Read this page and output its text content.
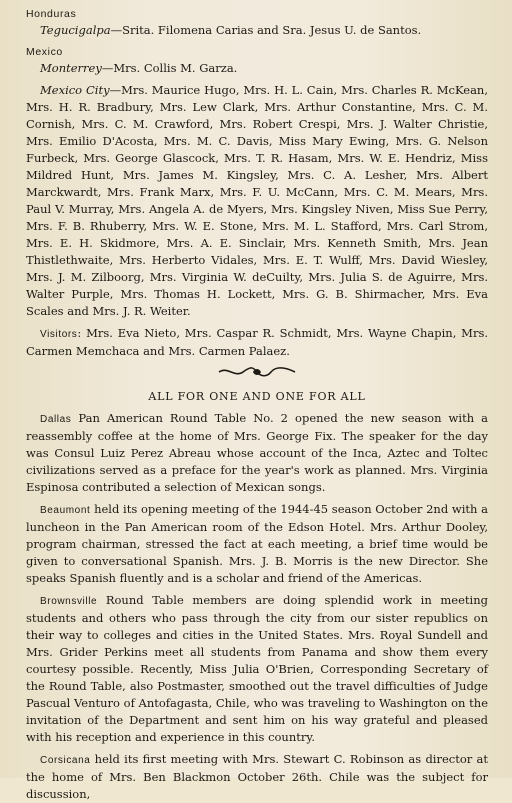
Honduras

Tegucigalpa—Srita. Filomena Carias and Sra. Jesus U. de Santos.

Mexico

Monterrey—Mrs. Collis M. Garza.

Mexico City—Mrs. Maurice Hugo, Mrs. H. L. Cain, Mrs. Charles R. McKean, Mrs. H. R. Bradbury, Mrs. Lew Clark, Mrs. Arthur Constantine, Mrs. C. M. Cornish, Mrs. C. M. Crawford, Mrs. Robert Crespi, Mrs. J. Walter Christie, Mrs. Emilio D'Acosta, Mrs. M. C. Davis, Miss Mary Ewing, Mrs. G. Nelson Furbeck, Mrs. George Glascock, Mrs. T. R. Hasam, Mrs. W. E. Hendriz, Miss Mildred Hunt, Mrs. James M. Kingsley, Mrs. C. A. Lesher, Mrs. Albert Marckwardt, Mrs. Frank Marx, Mrs. F. U. McCann, Mrs. C. M. Mears, Mrs. Paul V. Murray, Mrs. Angela A. de Myers, Mrs. Kingsley Niven, Miss Sue Perry, Mrs. F. B. Rhuberry, Mrs. W. E. Stone, Mrs. M. L. Stafford, Mrs. Carl Strom, Mrs. E. H. Skidmore, Mrs. A. E. Sinclair, Mrs. Kenneth Smith, Mrs. Jean Thistlethwaite, Mrs. Herberto Vidales, Mrs. E. T. Wulff, Mrs. David Wiesley, Mrs. J. M. Zilboorg, Mrs. Virginia W. deCuilty, Mrs. Julia S. de Aguirre, Mrs. Walter Purple, Mrs. Thomas H. Lockett, Mrs. G. B. Shirmacher, Mrs. Eva Scales and Mrs. J. R. Weiter.

Visitors: Mrs. Eva Nieto, Mrs. Caspar R. Schmidt, Mrs. Wayne Chapin, Mrs. Carmen Memchaca and Mrs. Carmen Palaez.

ALL FOR ONE AND ONE FOR ALL

Dallas Pan American Round Table No. 2 opened the new season with a reassembly coffee at the home of Mrs. George Fix. The speaker for the day was Consul Luiz Perez Abreau whose account of the Inca, Aztec and Toltec civilizations served as a preface for the year's work as planned. Mrs. Virginia Espinosa contributed a selection of Mexican songs.

Beaumont held its opening meeting of the 1944-45 season October 2nd with a luncheon in the Pan American room of the Edson Hotel. Mrs. Arthur Dooley, program chairman, stressed the fact at each meeting, a brief time would be given to conversational Spanish. Mrs. J. B. Morris is the new Director. She speaks Spanish fluently and is a scholar and friend of the Americas.

Brownsville Round Table members are doing splendid work in meeting students and others who pass through the city from our sister republics on their way to colleges and cities in the United States. Mrs. Royal Sundell and Mrs. Grider Perkins meet all students from Panama and show them every courtesy possible. Recently, Miss Julia O'Brien, Corresponding Secretary of the Round Table, also Postmaster, smoothed out the travel difficulties of Judge Pascual Venturo of Antofagasta, Chile, who was traveling to Washington on the invitation of the Department and sent him on his way grateful and pleased with his reception and experience in this country.

Corsicana held its first meeting with Mrs. Stewart C. Robinson as director at the home of Mrs. Ben Blackmon October 26th. Chile was the subject for discussion,
